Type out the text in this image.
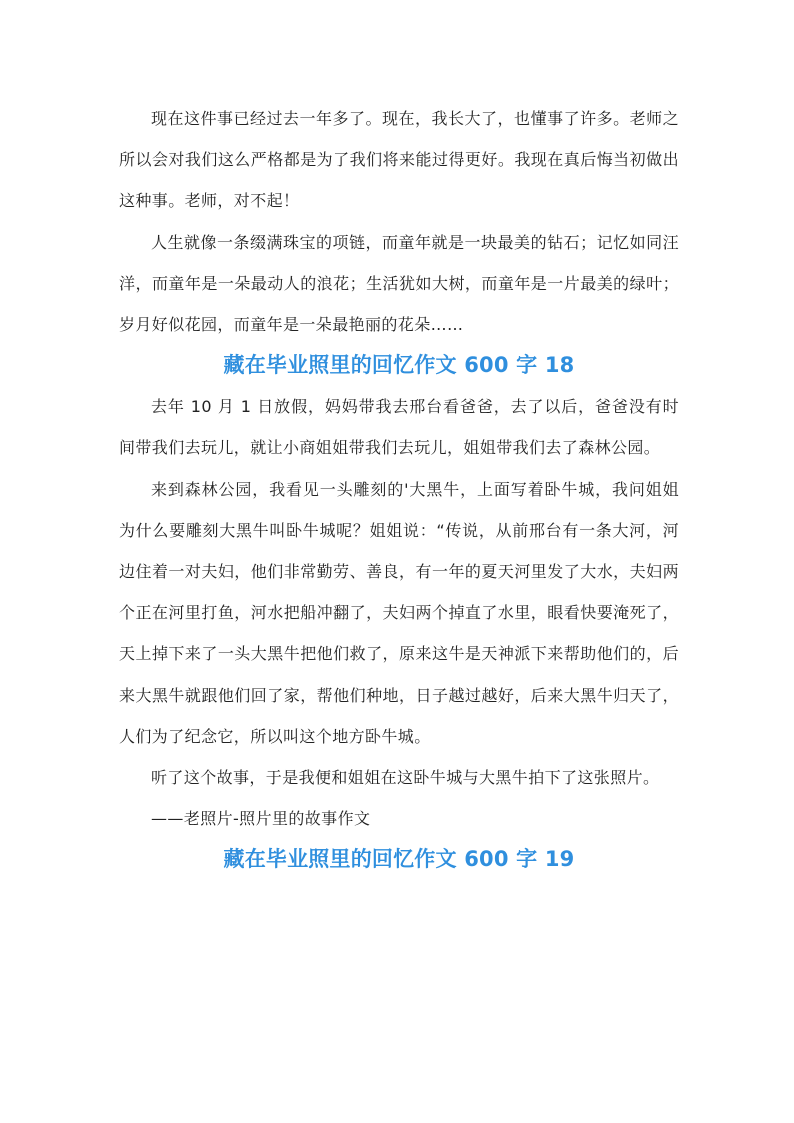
现在这件事已经过去一年多了。现在，我长大了，也懂事了许多。老师之所以会对我们这么严格都是为了我们将来能过得更好。我现在真后悔当初做出这种事。老师，对不起！

人生就像一条缀满珠宝的项链，而童年就是一块最美的钻石；记忆如同汪洋，而童年是一朵最动人的浪花；生活犹如大树，而童年是一片最美的绿叶；岁月好似花园，而童年是一朵最艳丽的花朵……

藏在毕业照里的回忆作文 600 字 18

去年 10 月 1 日放假，妈妈带我去邢台看爸爸，去了以后，爸爸没有时间带我们去玩儿，就让小商姐姐带我们去玩儿，姐姐带我们去了森林公园。

来到森林公园，我看见一头雕刻的'大黑牛，上面写着卧牛城，我问姐姐为什么要雕刻大黑牛叫卧牛城呢？姐姐说：“传说，从前邢台有一条大河，河边住着一对夫妇，他们非常勤劳、善良，有一年的夏天河里发了大水，夫妇两个正在河里打鱼，河水把船冲翻了，夫妇两个掉直了水里，眼看快要淹死了，天上掉下来了一头大黑牛把他们救了，原来这牛是天神派下来帮助他们的，后来大黑牛就跟他们回了家，帮他们种地，日子越过越好，后来大黑牛归天了，人们为了纪念它，所以叫这个地方卧牛城。

听了这个故事，于是我便和姐姐在这卧牛城与大黑牛拍下了这张照片。

——老照片-照片里的故事作文

藏在毕业照里的回忆作文 600 字 19
